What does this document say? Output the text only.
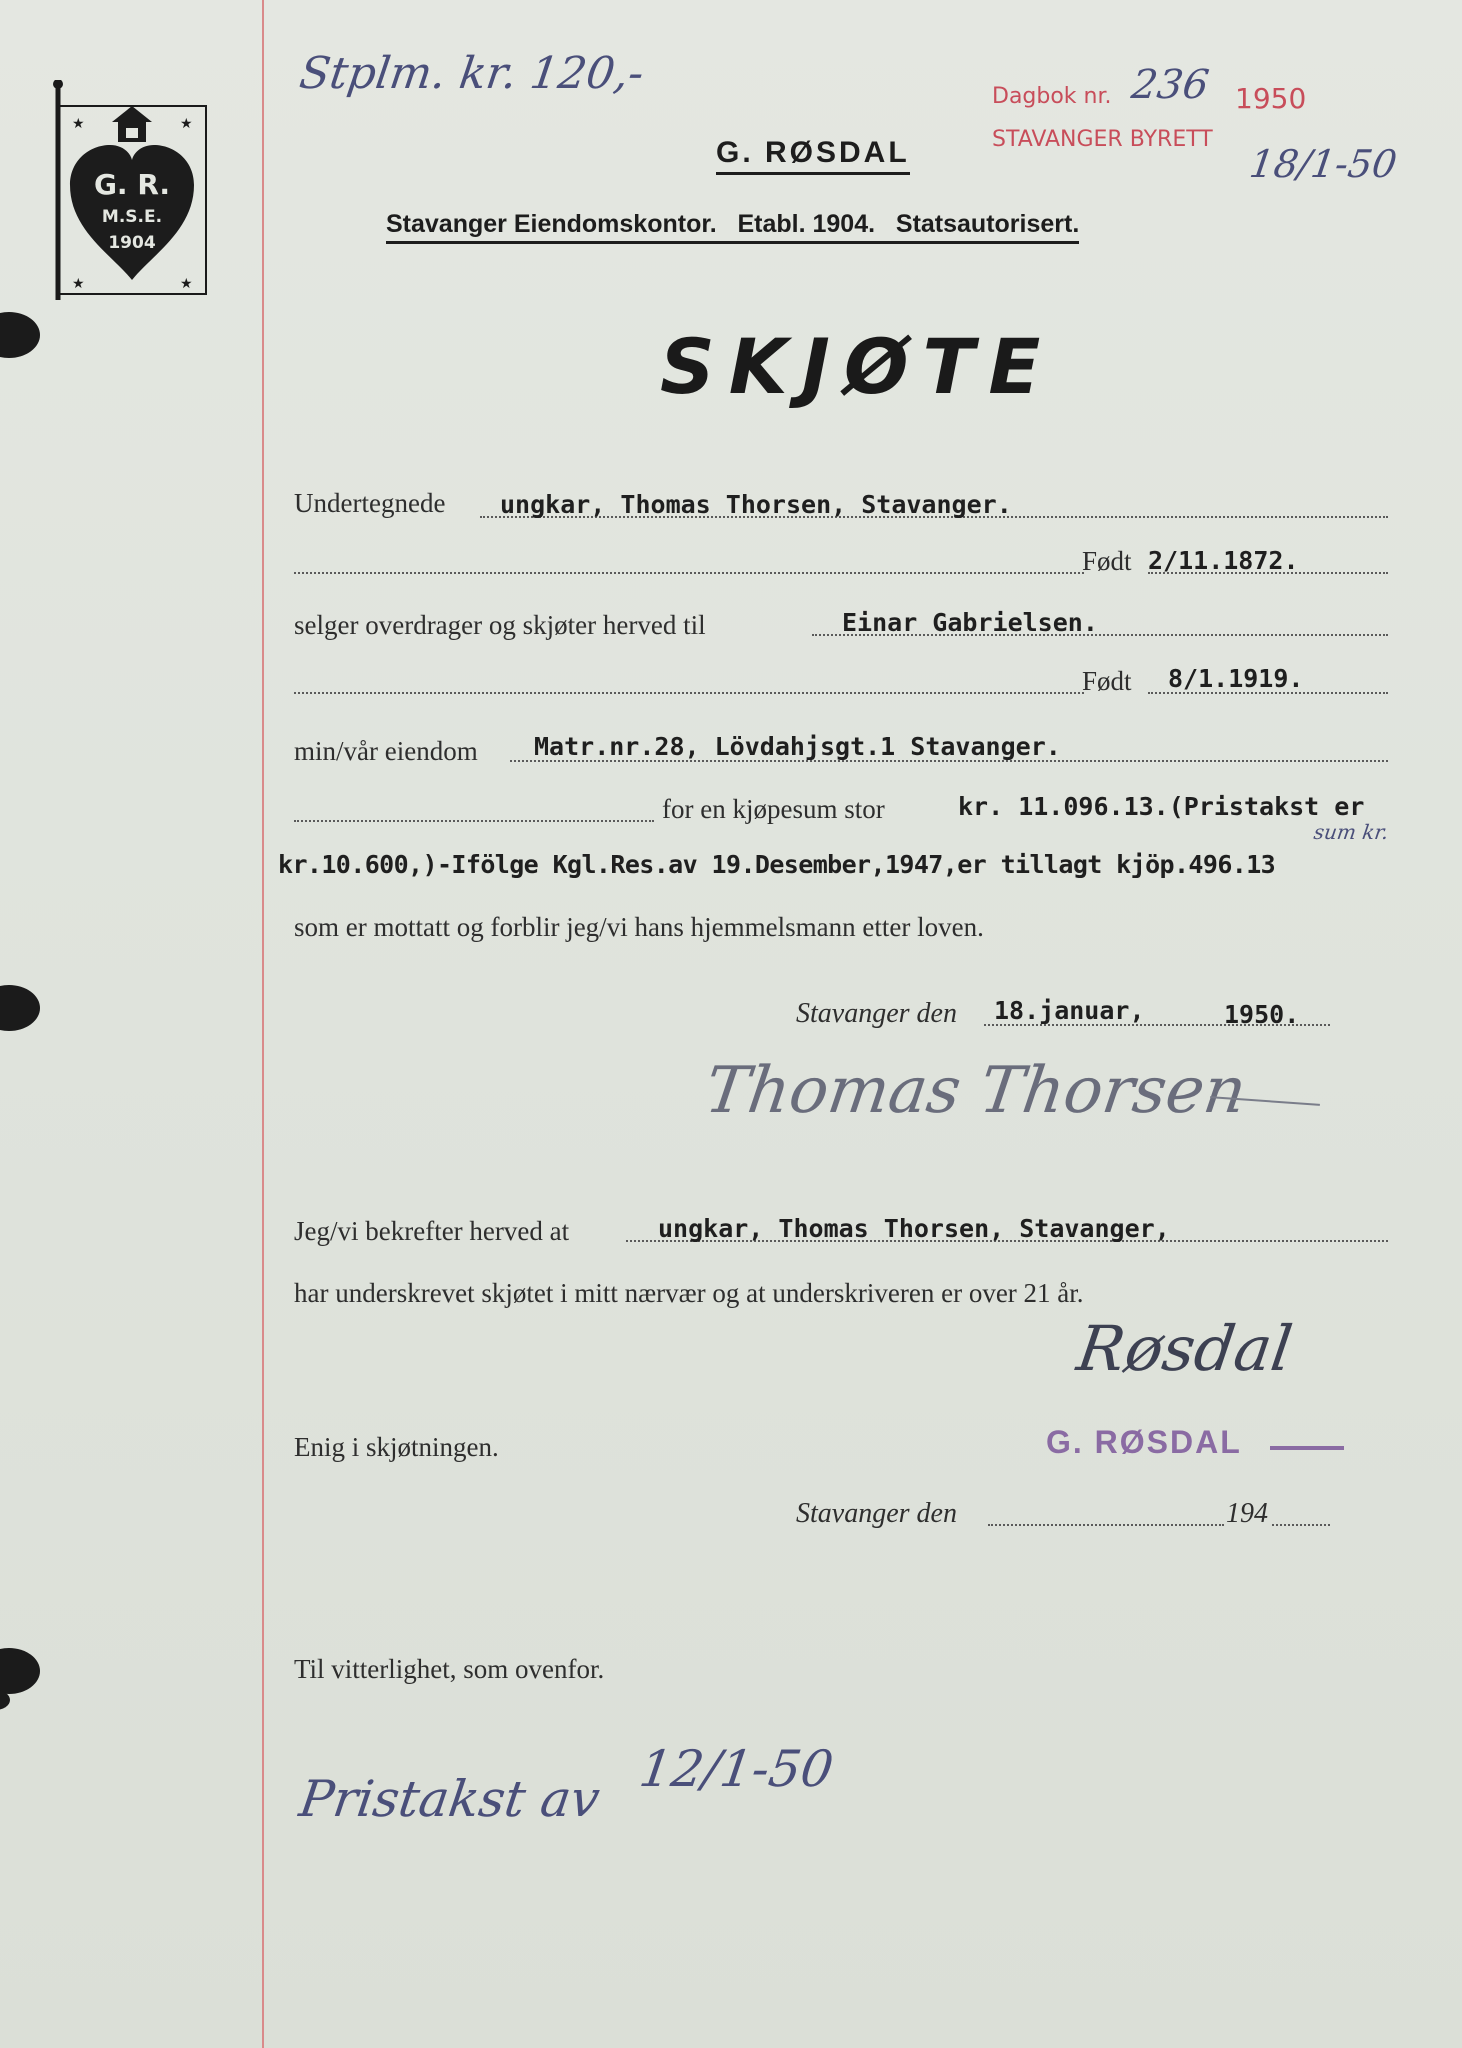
Stplm. kr. 120,-	Dagbok nr. 236 1950
STAVANGER BYRETT
18/1-50
★	★
★	★
G. R.
M.S.E.
1904
G. RØSDAL
Stavanger Eiendomskontor.   Etabl. 1904.   Statsautorisert.
SKJØTE
Undertegnede ungkar, Thomas Thorsen, Stavanger.
Født 2/11.1872.
selger overdrager og skjøter herved til	Einar Gabrielsen.
Født 8/1.1919.
min/vår eiendom Matr.nr.28, Lövdahjsgt.1 Stavanger.
for en kjøpesum stor	kr. 11.096.13.(Pristakst er
sum kr.
kr.10.600,)-Ifölge Kgl.Res.av 19.Desember,1947,er tillagt kjöp.496.13
som er mottatt og forblir jeg/vi hans hjemmelsmann etter loven.
Stavanger den 18.januar,	1950.
Thomas Thorsen
Jeg/vi bekrefter herved at	ungkar, Thomas Thorsen, Stavanger,
har underskrevet skjøtet i mitt nærvær og at underskriveren er over 21 år.
Røsdal
G. RØSDAL
Enig i skjøtningen.
Stavanger den	194
Til vitterlighet, som ovenfor.
Pristakst av
12/1-50
